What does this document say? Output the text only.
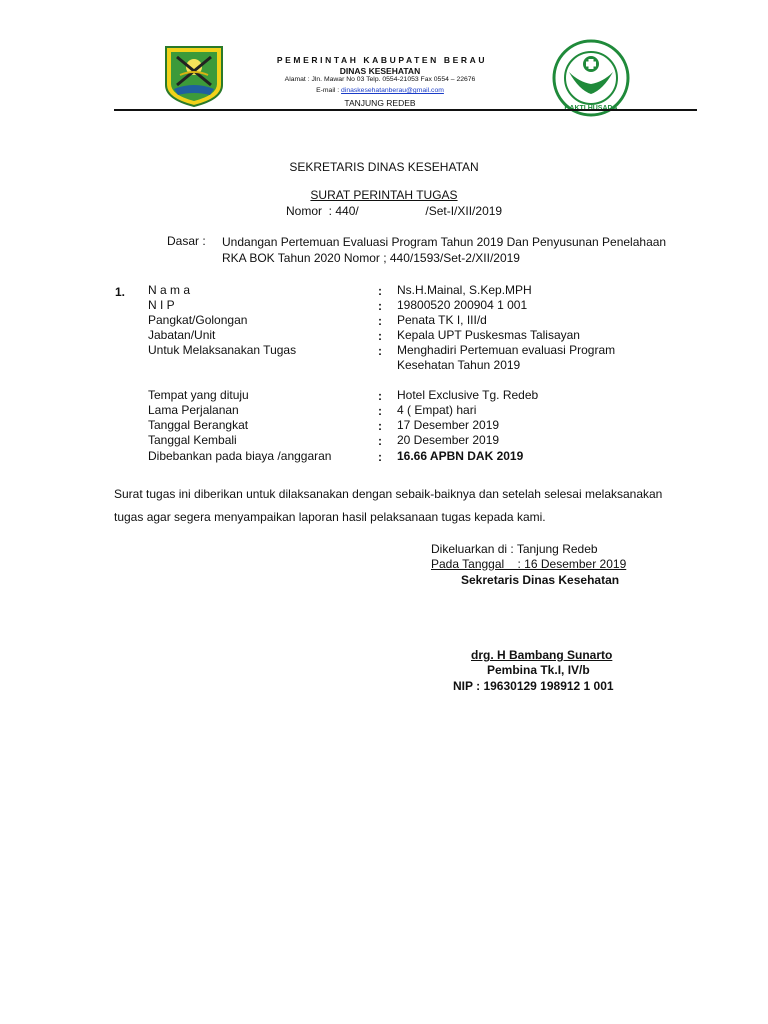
PEMERINTAH KABUPATEN BERAU
DINAS KESEHATAN
Alamat : Jln. Mawar No 03 Telp. 0554-21053 Fax 0554 – 22676
E-mail : dinaskesehatanberau@gmail.com
TANJUNG REDEB
SEKRETARIS DINAS KESEHATAN
SURAT PERINTAH TUGAS
Nomor  : 440/                    /Set-I/XII/2019
Dasar : Undangan Pertemuan Evaluasi Program Tahun 2019 Dan Penyusunan Penelahaan
RKA BOK Tahun 2020 Nomor ; 440/1593/Set-2/XII/2019
1. N a m a	: Ns.H.Mainal, S.Kep.MPH
N I P	: 19800520 200904 1 001
Pangkat/Golongan	: Penata TK I, III/d
Jabatan/Unit	: Kepala UPT Puskesmas Talisayan
Untuk Melaksanakan Tugas	: Menghadiri Pertemuan evaluasi Program
Kesehatan Tahun 2019
Tempat yang dituju	: Hotel Exclusive Tg. Redeb
Lama Perjalanan	: 4 ( Empat) hari
Tanggal Berangkat	: 17 Desember 2019
Tanggal Kembali	: 20 Desember 2019
Dibebankan pada biaya /anggaran	: 16.66 APBN DAK 2019
Surat tugas ini diberikan untuk dilaksanakan dengan sebaik-baiknya dan setelah selesai melaksanakan
tugas agar segera menyampaikan laporan hasil pelaksanaan tugas kepada kami.
Dikeluarkan di : Tanjung Redeb
Pada Tanggal    : 16 Desember 2019
Sekretaris Dinas Kesehatan
drg. H Bambang Sunarto
Pembina Tk.I, IV/b
NIP : 19630129 198912 1 001
